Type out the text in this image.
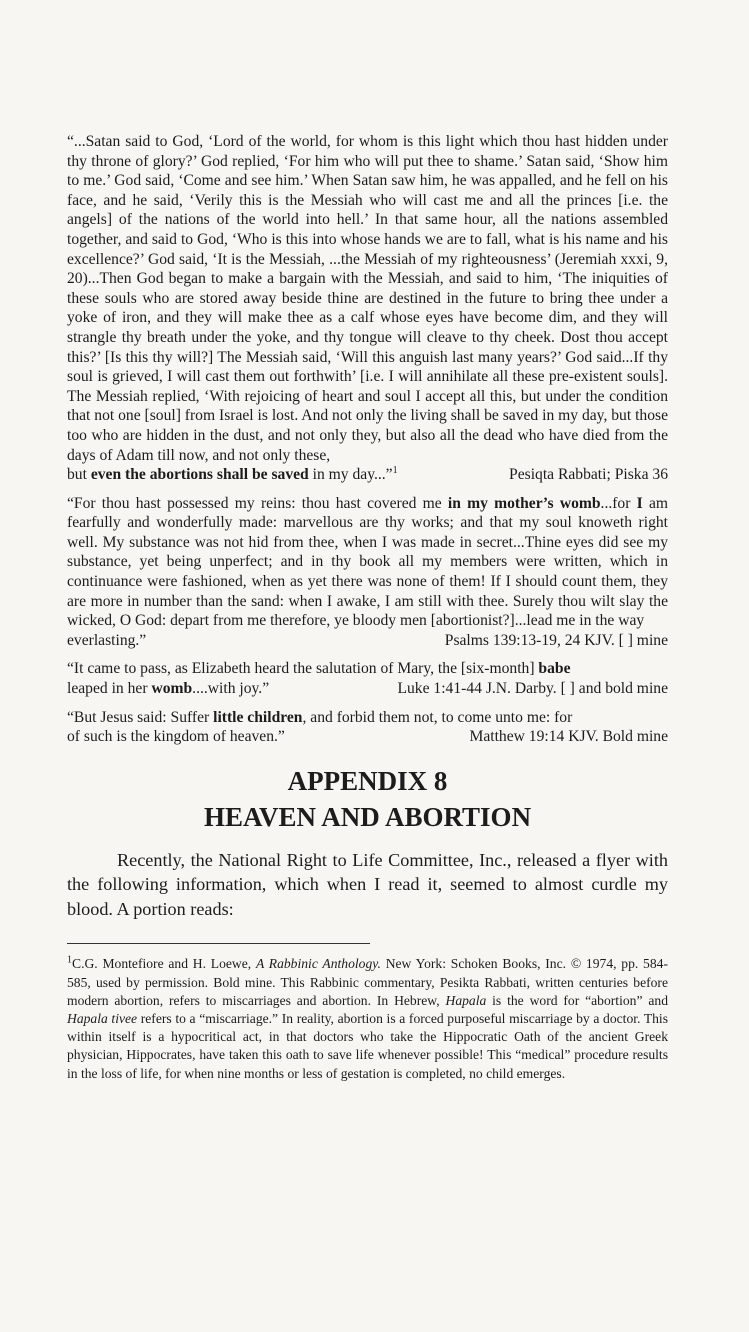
“...Satan said to God, ‘Lord of the world, for whom is this light which thou hast hidden under thy throne of glory?’ God replied, ‘For him who will put thee to shame.’ Satan said, ‘Show him to me.’ God said, ‘Come and see him.’ When Satan saw him, he was appalled, and he fell on his face, and he said, ‘Verily this is the Messiah who will cast me and all the princes [i.e. the angels] of the nations of the world into hell.’ In that same hour, all the nations assembled together, and said to God, ‘Who is this into whose hands we are to fall, what is his name and his excellence?’ God said, ‘It is the Messiah, ...the Messiah of my righteousness’ (Jeremiah xxxi, 9, 20)...Then God began to make a bargain with the Messiah, and said to him, ‘The iniquities of these souls who are stored away beside thine are destined in the future to bring thee under a yoke of iron, and they will make thee as a calf whose eyes have become dim, and they will strangle thy breath under the yoke, and thy tongue will cleave to thy cheek. Dost thou accept this?’ [Is this thy will?] The Messiah said, ‘Will this anguish last many years?’ God said...If thy soul is grieved, I will cast them out forthwith’ [i.e. I will annihilate all these pre-existent souls]. The Messiah replied, ‘With rejoicing of heart and soul I accept all this, but under the condition that not one [soul] from Israel is lost. And not only the living shall be saved in my day, but those too who are hidden in the dust, and not only they, but also all the dead who have died from the days of Adam till now, and not only these,
but even the abortions shall be saved in my day...”$^1$	Pesiqta Rabbati; Piska 36

“For thou hast possessed my reins: thou hast covered me in my mother’s womb...for I am fearfully and wonderfully made: marvellous are thy works; and that my soul knoweth right well. My substance was not hid from thee, when I was made in secret...Thine eyes did see my substance, yet being unperfect; and in thy book all my members were written, which in continuance were fashioned, when as yet there was none of them! If I should count them, they are more in number than the sand: when I awake, I am still with thee. Surely thou wilt slay the wicked, O God: depart from me therefore, ye bloody men [abortionist?]...lead me in the way
everlasting.”	Psalms 139:13-19, 24 KJV. [ ] mine

“It came to pass, as Elizabeth heard the salutation of Mary, the [six-month] babe
leaped in her womb....with joy.”	Luke 1:41-44 J.N. Darby. [ ] and bold mine

“But Jesus said: Suffer little children, and forbid them not, to come unto me: for
of such is the kingdom of heaven.”	Matthew 19:14 KJV. Bold mine

APPENDIX 8
HEAVEN AND ABORTION

Recently, the National Right to Life Committee, Inc., released a flyer with the following information, which when I read it, seemed to almost curdle my blood. A portion reads:

$^1$C.G. Montefiore and H. Loewe, A Rabbinic Anthology. New York: Schoken Books, Inc. © 1974, pp. 584-585, used by permission. Bold mine. This Rabbinic commentary, Pesikta Rabbati, written centuries before modern abortion, refers to miscarriages and abortion. In Hebrew, Hapala is the word for “abortion” and Hapala tivee refers to a “miscarriage.” In reality, abortion is a forced purposeful miscarriage by a doctor. This within itself is a hypocritical act, in that doctors who take the Hippocratic Oath of the ancient Greek physician, Hippocrates, have taken this oath to save life whenever possible! This “medical” procedure results in the loss of life, for when nine months or less of gestation is completed, no child emerges.
